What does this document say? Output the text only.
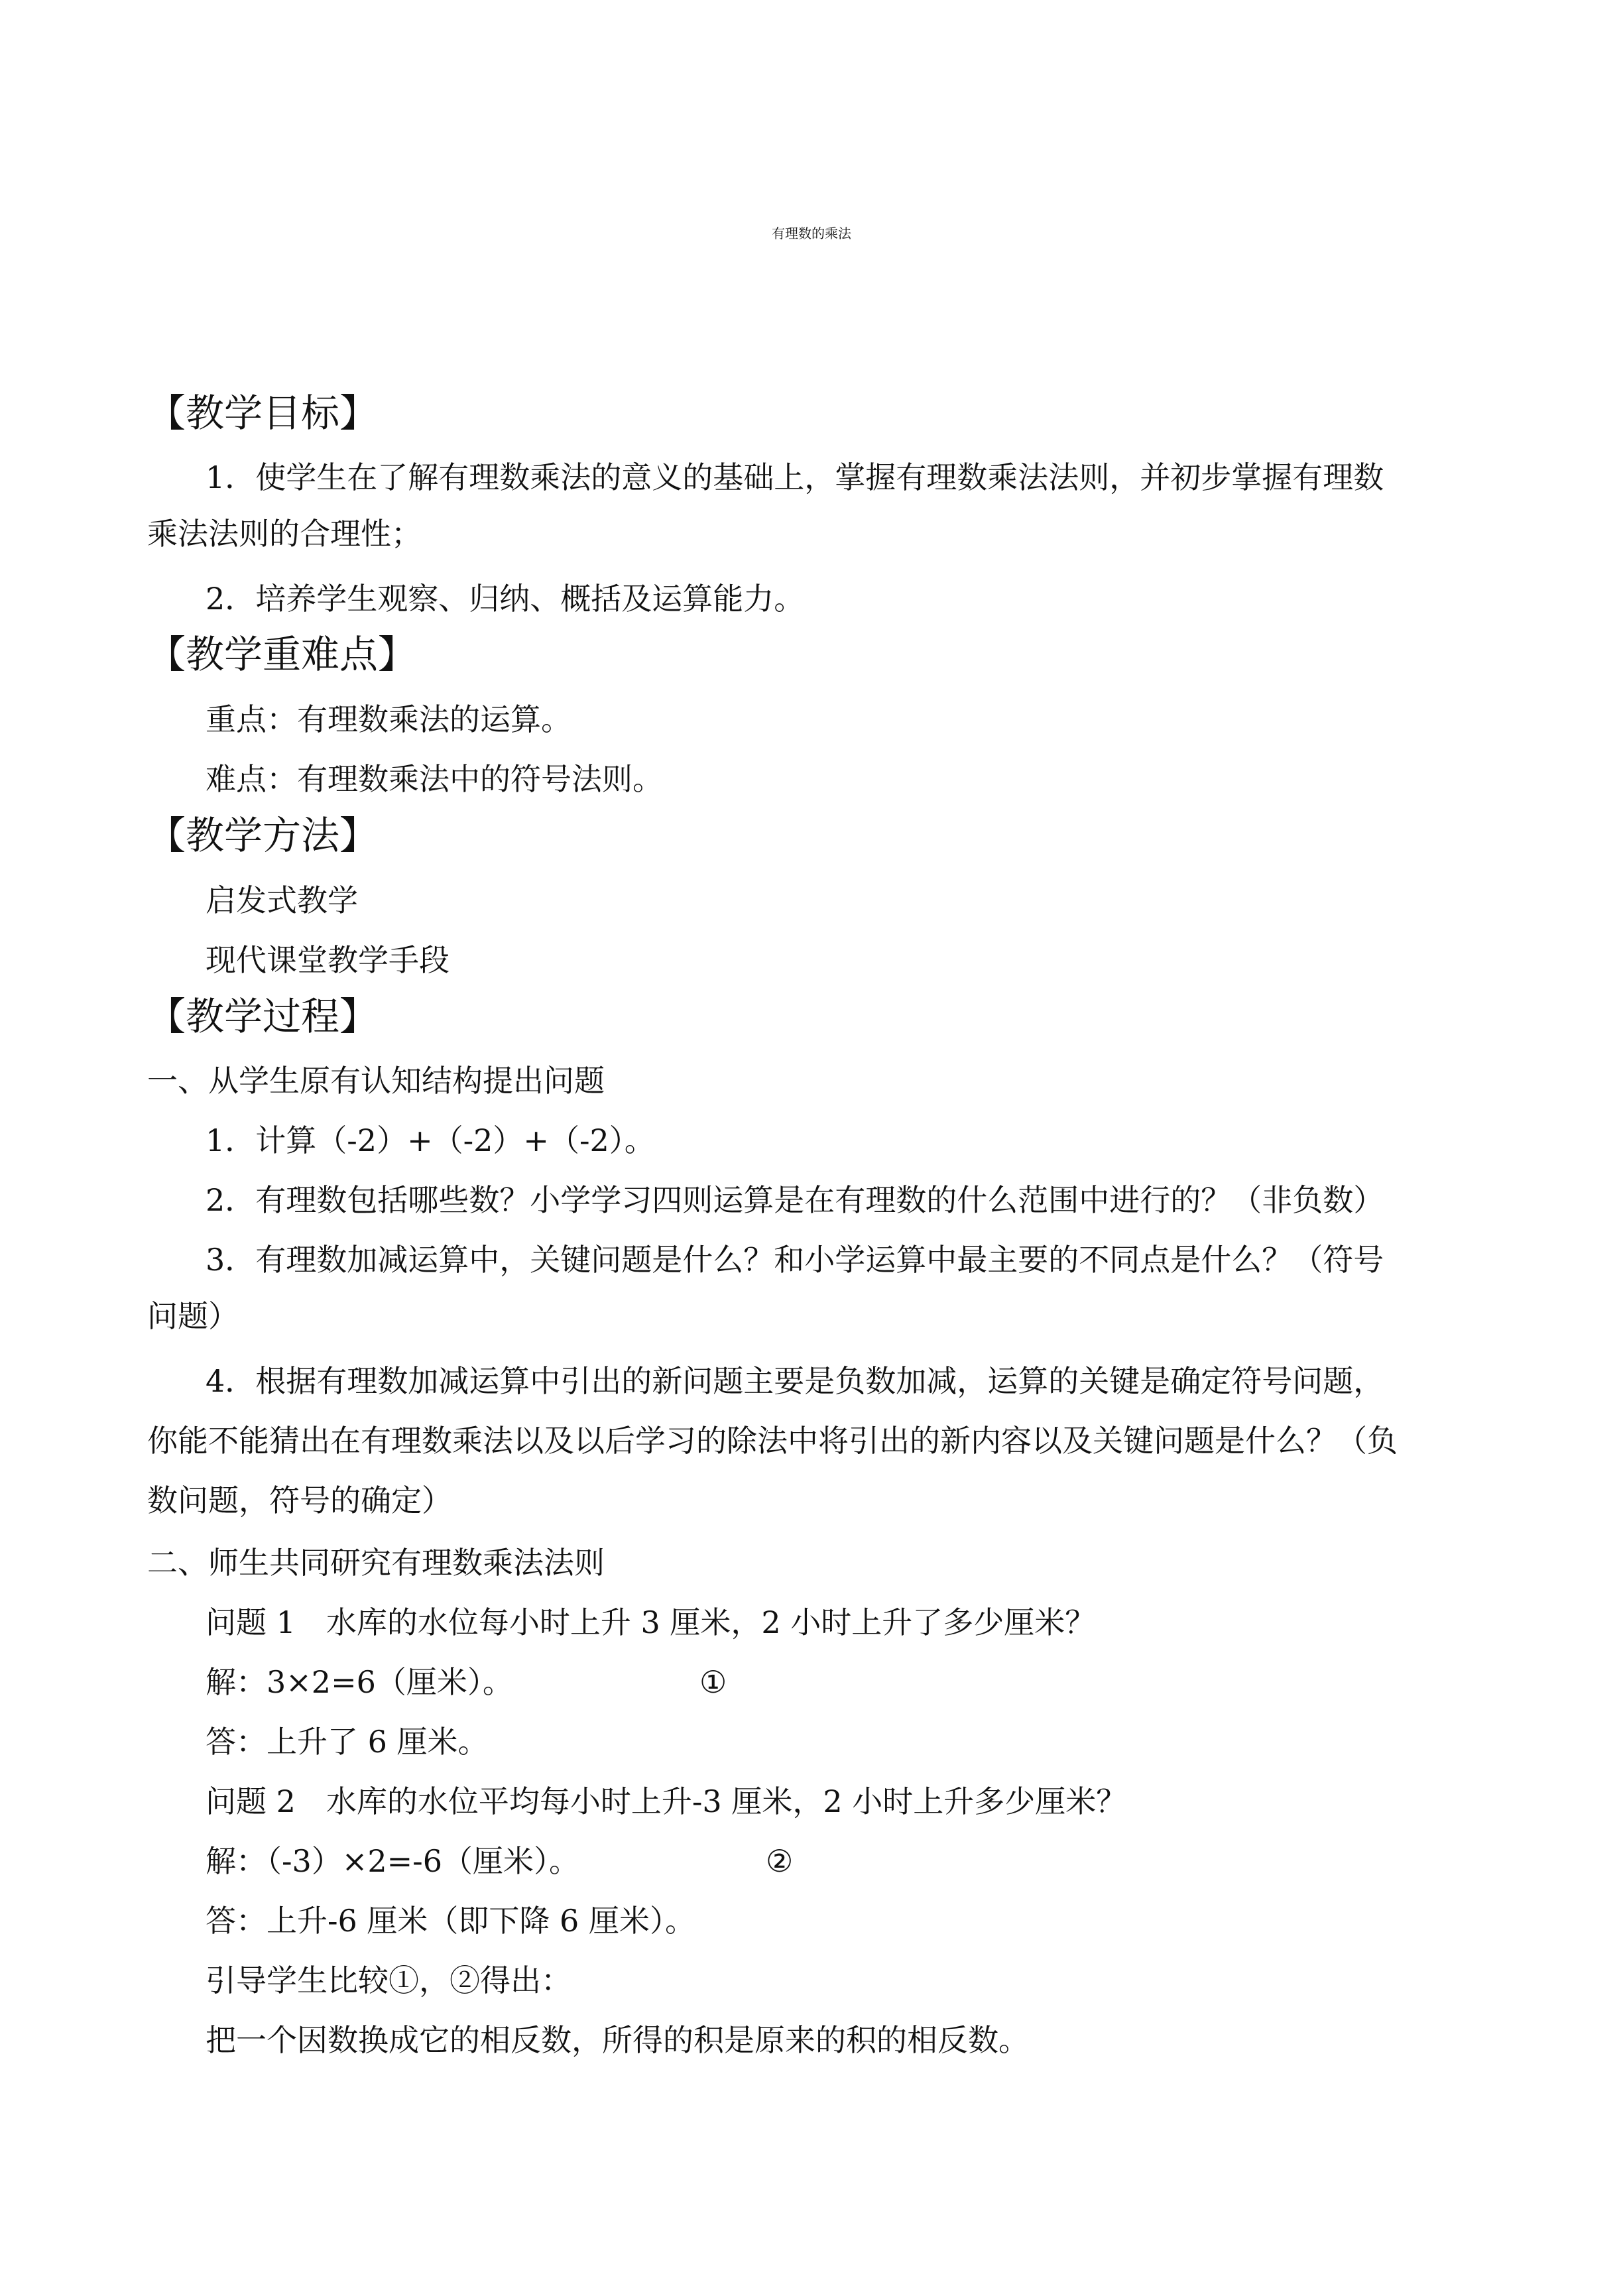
有理数的乘法
【教学目标】
1．使学生在了解有理数乘法的意义的基础上，掌握有理数乘法法则，并初步掌握有理数
乘法法则的合理性；
2．培养学生观察、归纳、概括及运算能力。
【教学重难点】
重点：有理数乘法的运算。
难点：有理数乘法中的符号法则。
【教学方法】
启发式教学
现代课堂教学手段
【教学过程】
一、从学生原有认知结构提出问题
1．计算（-2）+（-2）+（-2）。
2．有理数包括哪些数？小学学习四则运算是在有理数的什么范围中进行的？（非负数）
3．有理数加减运算中，关键问题是什么？和小学运算中最主要的不同点是什么？（符号
问题）
4．根据有理数加减运算中引出的新问题主要是负数加减，运算的关键是确定符号问题，
你能不能猜出在有理数乘法以及以后学习的除法中将引出的新内容以及关键问题是什么？（负
数问题，符号的确定）
二、师生共同研究有理数乘法法则
问题 1　水库的水位每小时上升 3 厘米，2 小时上升了多少厘米？
解：3×2=6（厘米）。	①
答：上升了 6 厘米。
问题 2　水库的水位平均每小时上升-3 厘米，2 小时上升多少厘米？
解：（-3）×2=-6（厘米）。	②
答：上升-6 厘米（即下降 6 厘米）。
引导学生比较①，②得出：
把一个因数换成它的相反数，所得的积是原来的积的相反数。
